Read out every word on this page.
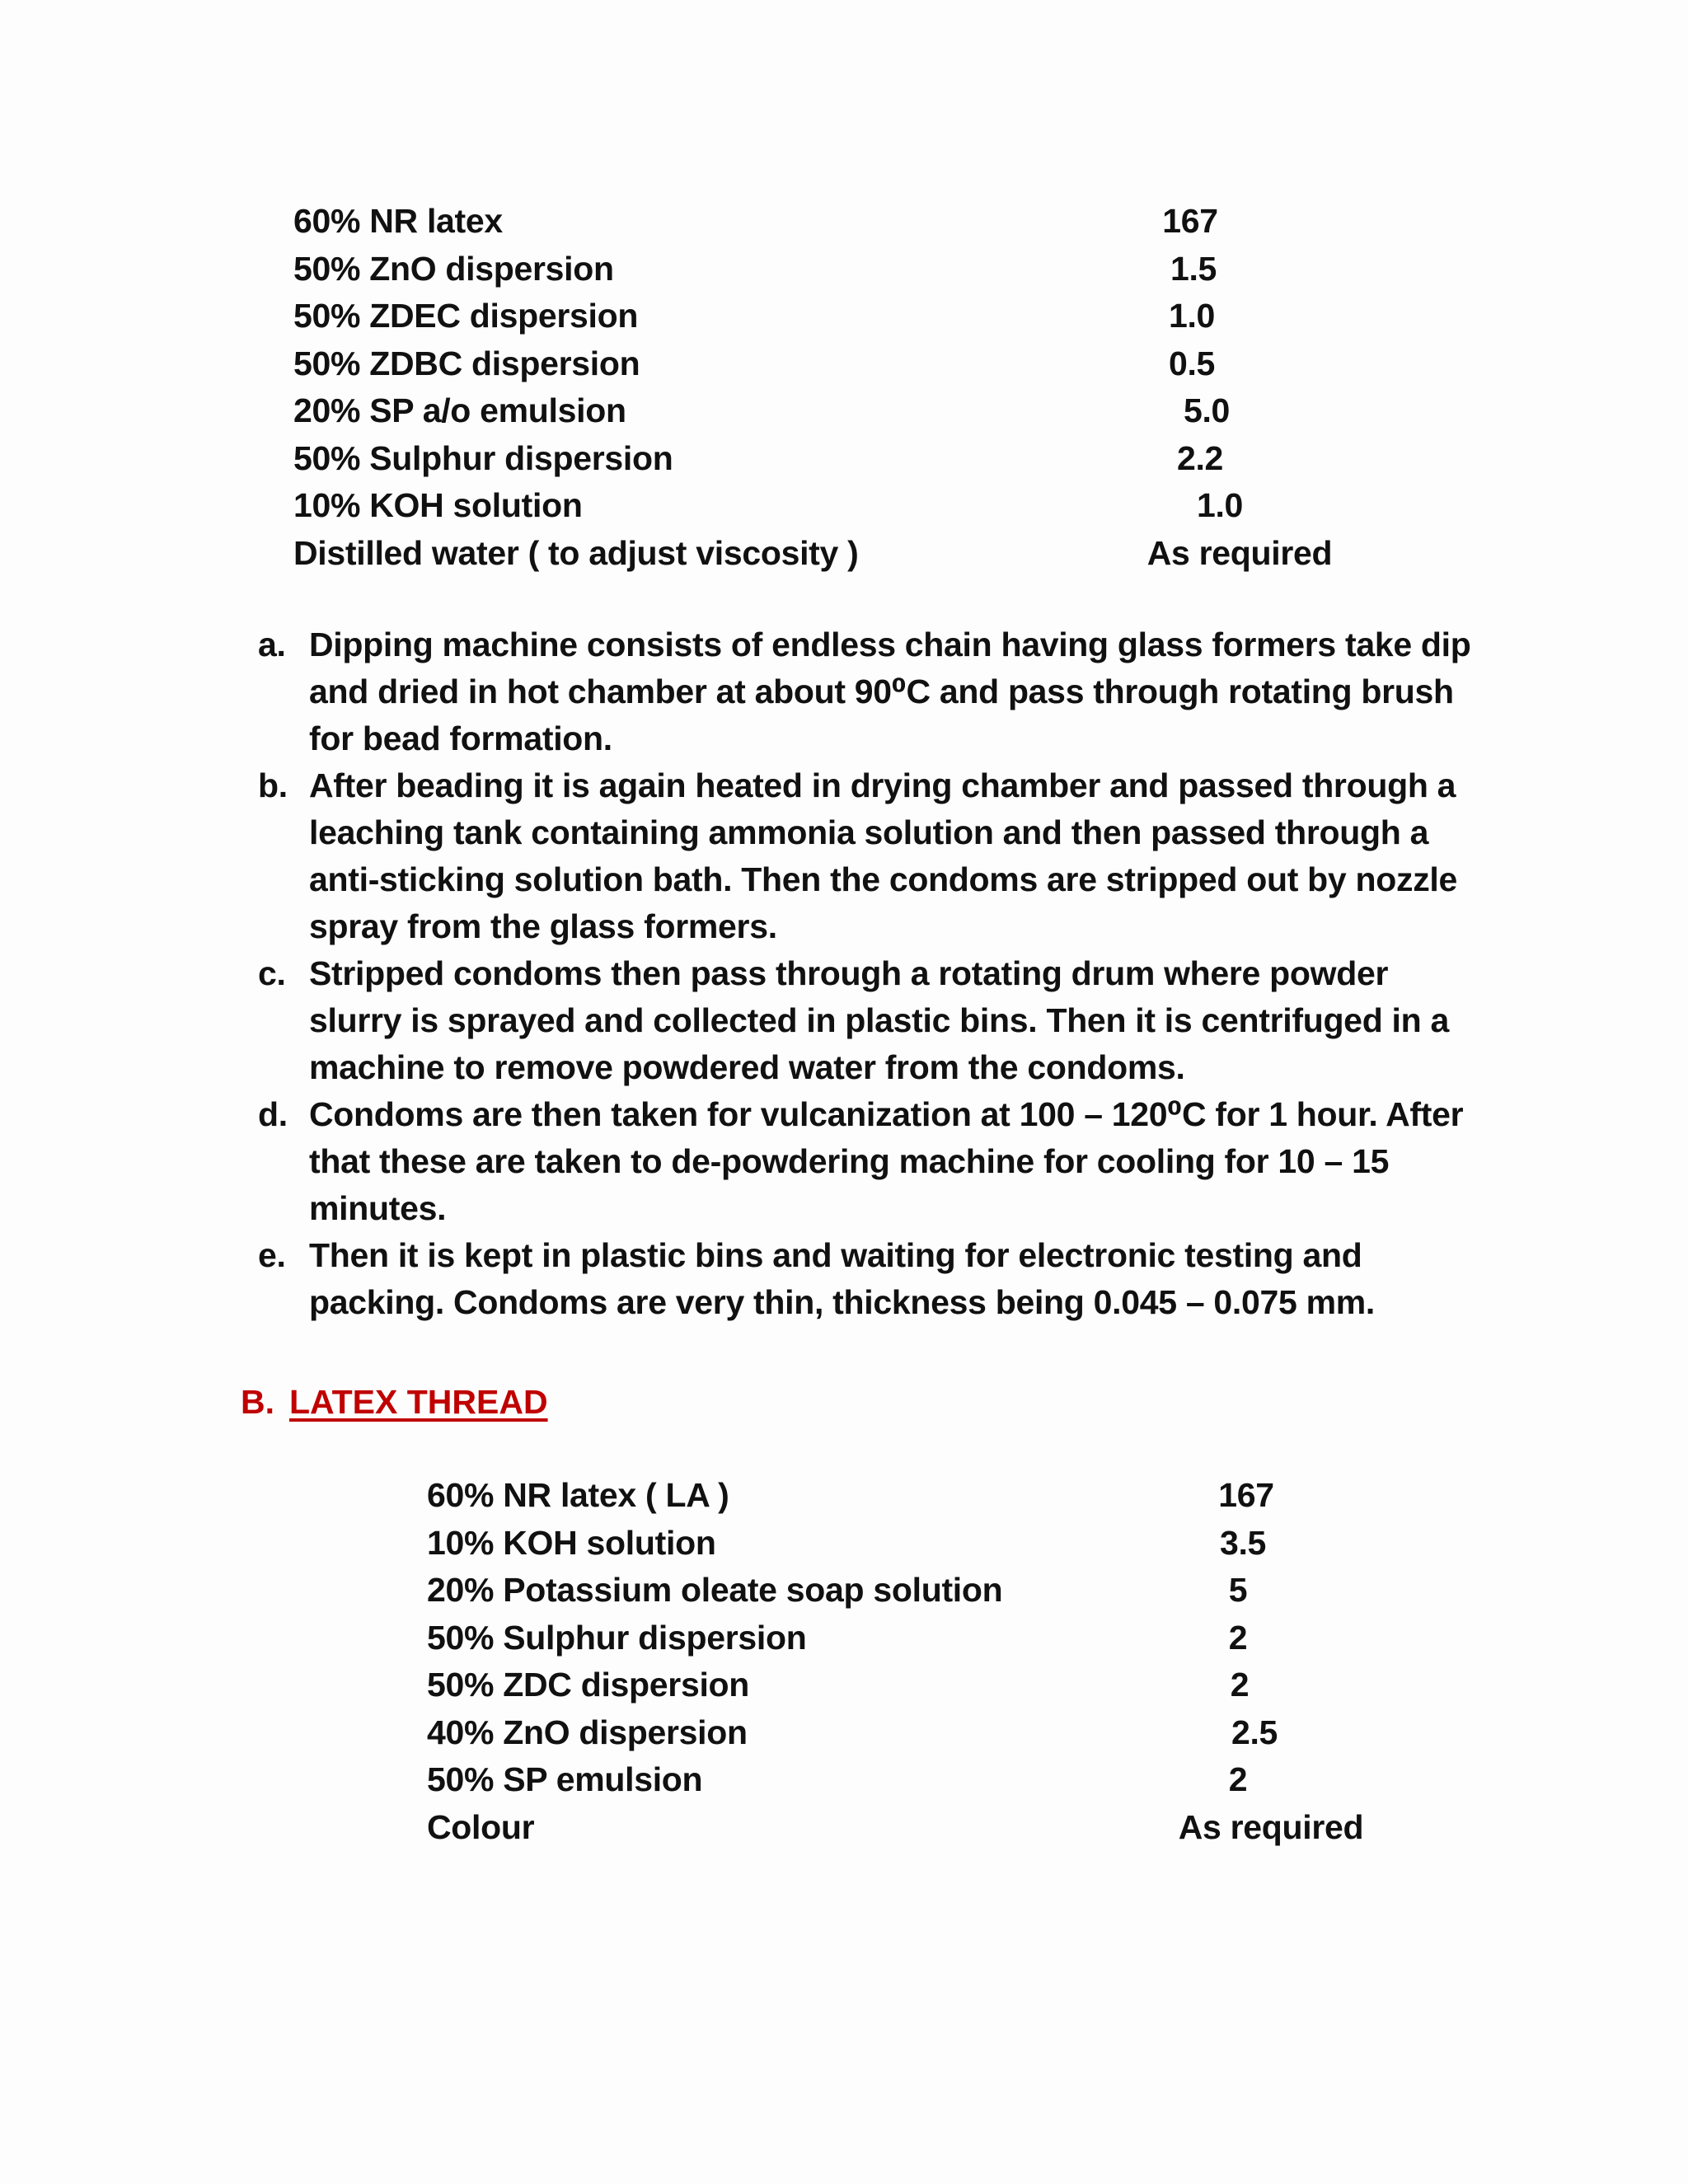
60% NR latex	167
50% ZnO dispersion	1.5
50% ZDEC dispersion	1.0
50% ZDBC dispersion	0.5
20% SP a/o emulsion	5.0
50% Sulphur dispersion	2.2
10% KOH solution	1.0
Distilled water ( to adjust viscosity )	As required
a. Dipping machine consists of endless chain having glass formers take dip and dried in hot chamber at about 90⁰C and pass through rotating brush for bead formation.
b. After beading it is again heated in drying chamber and passed through a leaching tank containing ammonia solution and then passed through a anti-sticking solution bath. Then the condoms are stripped out by nozzle spray from the glass formers.
c. Stripped condoms then pass through a rotating drum where powder slurry is sprayed and collected in plastic bins. Then it is centrifuged in a machine to remove powdered water from the condoms.
d. Condoms are then taken for vulcanization at 100 – 120⁰C for 1 hour. After that these are taken to de-powdering machine for cooling for 10 – 15 minutes.
e. Then it is kept in plastic bins and waiting for electronic testing and packing. Condoms are very thin, thickness being 0.045 – 0.075 mm.
B. LATEX THREAD
60% NR latex ( LA )	167
10% KOH solution	3.5
20% Potassium oleate soap solution	5
50% Sulphur dispersion	2
50% ZDC dispersion	2
40% ZnO dispersion	2.5
50% SP emulsion	2
Colour	As required
